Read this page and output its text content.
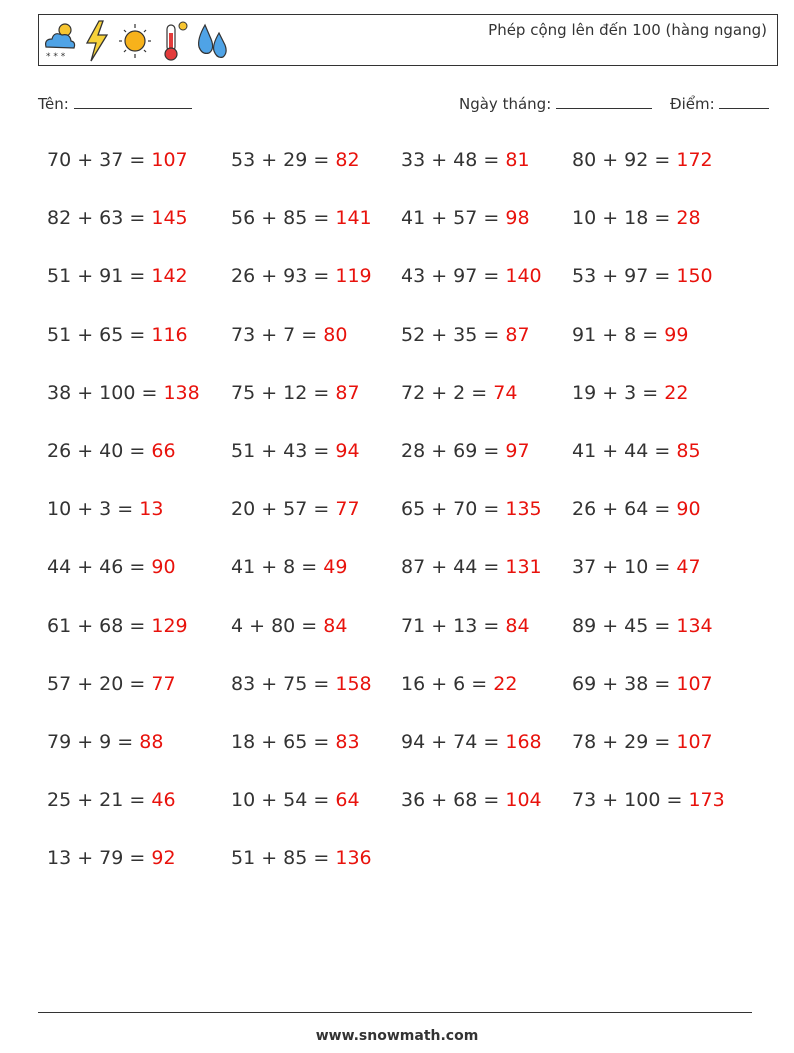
* * *
Phép cộng lên đến 100 (hàng ngang)
Tên:	Ngày tháng:	Điểm:
70 + 37 = 107 53 + 29 = 82 33 + 48 = 81 80 + 92 = 172
82 + 63 = 145 56 + 85 = 141 41 + 57 = 98 10 + 18 = 28
51 + 91 = 142 26 + 93 = 119 43 + 97 = 140 53 + 97 = 150
51 + 65 = 116 73 + 7 = 80	52 + 35 = 87 91 + 8 = 99
38 + 100 = 138 75 + 12 = 87 72 + 2 = 74	19 + 3 = 22
26 + 40 = 66	51 + 43 = 94 28 + 69 = 97 41 + 44 = 85
10 + 3 = 13	20 + 57 = 77 65 + 70 = 135 26 + 64 = 90
44 + 46 = 90	41 + 8 = 49	87 + 44 = 131 37 + 10 = 47
61 + 68 = 129 4 + 80 = 84	71 + 13 = 84 89 + 45 = 134
57 + 20 = 77	83 + 75 = 158 16 + 6 = 22	69 + 38 = 107
79 + 9 = 88	18 + 65 = 83 94 + 74 = 168 78 + 29 = 107
25 + 21 = 46	10 + 54 = 64 36 + 68 = 104 73 + 100 = 173
13 + 79 = 92	51 + 85 = 136
www.snowmath.com
